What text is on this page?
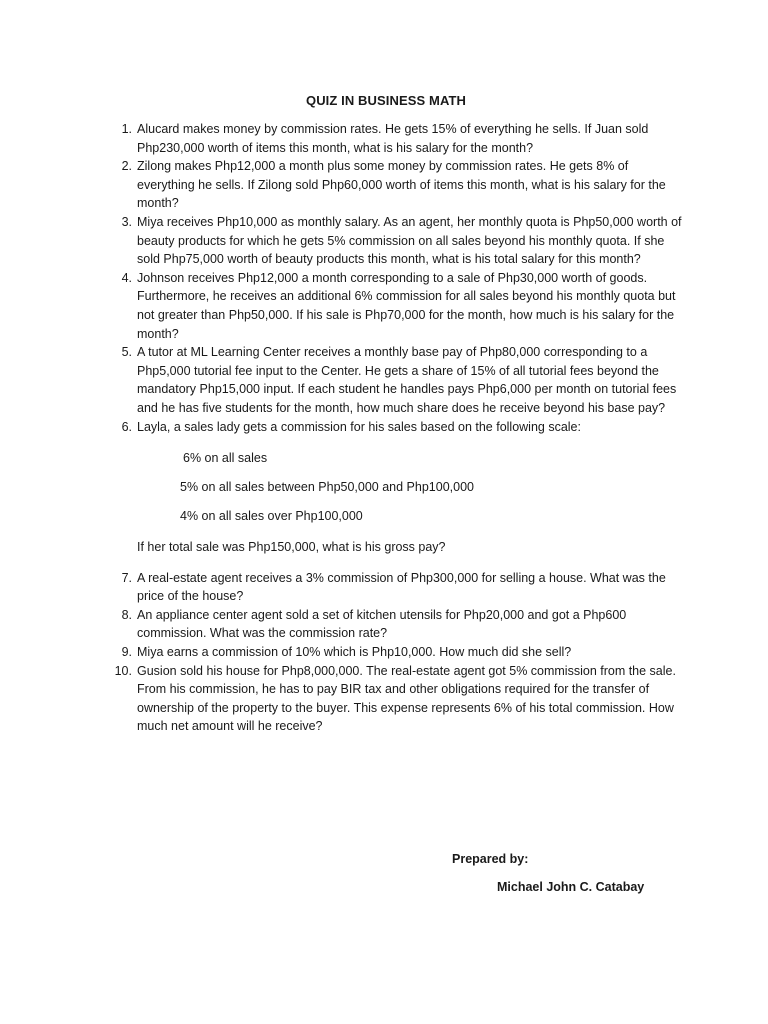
QUIZ IN BUSINESS MATH
1. Alucard makes money by commission rates. He gets 15% of everything he sells. If Juan sold Php230,000 worth of items this month, what is his salary for the month?
2. Zilong makes Php12,000 a month plus some money by commission rates. He gets 8% of everything he sells. If Zilong sold Php60,000 worth of items this month, what is his salary for the month?
3. Miya receives Php10,000 as monthly salary. As an agent, her monthly quota is Php50,000 worth of beauty products for which he gets 5% commission on all sales beyond his monthly quota. If she sold Php75,000 worth of beauty products this month, what is his total salary for this month?
4. Johnson receives Php12,000 a month corresponding to a sale of Php30,000 worth of goods. Furthermore, he receives an additional 6% commission for all sales beyond his monthly quota but not greater than Php50,000. If his sale is Php70,000 for the month, how much is his salary for the month?
5. A tutor at ML Learning Center receives a monthly base pay of Php80,000 corresponding to a Php5,000 tutorial fee input to the Center. He gets a share of 15% of all tutorial fees beyond the mandatory Php15,000 input. If each student he handles pays Php6,000 per month on tutorial fees and he has five students for the month, how much share does he receive beyond his base pay?
6. Layla, a sales lady gets a commission for his sales based on the following scale:
6% on all sales
5% on all sales between Php50,000 and Php100,000
4% on all sales over Php100,000
If her total sale was Php150,000, what is his gross pay?
7. A real-estate agent receives a 3% commission of Php300,000 for selling a house. What was the price of the house?
8. An appliance center agent sold a set of kitchen utensils for Php20,000 and got a Php600 commission. What was the commission rate?
9. Miya earns a commission of 10% which is Php10,000. How much did she sell?
10. Gusion sold his house for Php8,000,000. The real-estate agent got 5% commission from the sale. From his commission, he has to pay BIR tax and other obligations required for the transfer of ownership of the property to the buyer. This expense represents 6% of his total commission. How much net amount will he receive?
Prepared by:
Michael John C. Catabay
